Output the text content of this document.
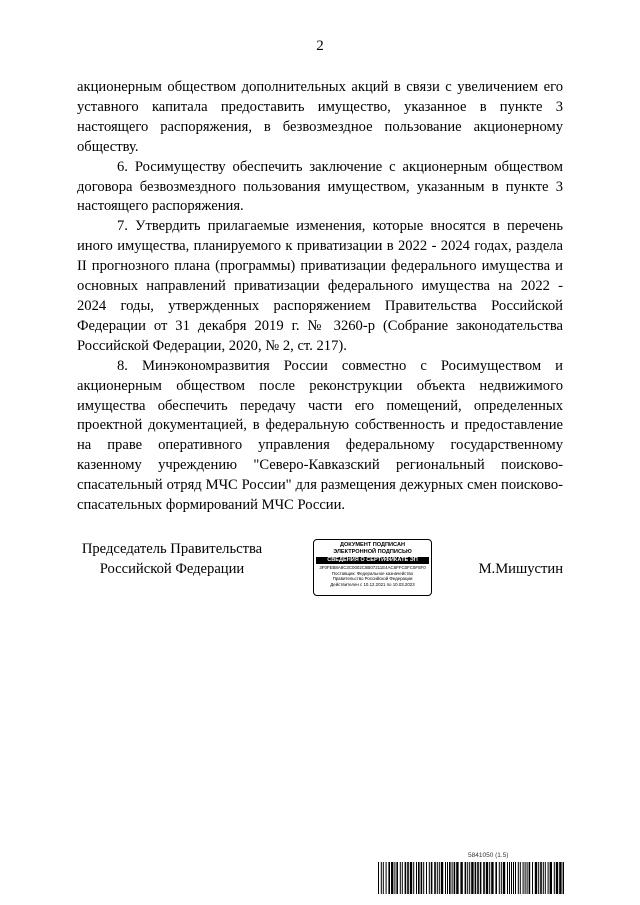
2

акционерным обществом дополнительных акций в связи с увеличением его уставного капитала предоставить имущество, указанное в пункте 3 настоящего распоряжения, в безвозмездное пользование акционерному обществу.

6. Росимуществу обеспечить заключение с акционерным обществом договора безвозмездного пользования имуществом, указанным в пункте 3 настоящего распоряжения.

7. Утвердить прилагаемые изменения, которые вносятся в перечень иного имущества, планируемого к приватизации в 2022 - 2024 годах, раздела II прогнозного плана (программы) приватизации федерального имущества и основных направлений приватизации федерального имущества на 2022 - 2024 годы, утвержденных распоряжением Правительства Российской Федерации от 31 декабря 2019 г. № 3260-р (Собрание законодательства Российской Федерации, 2020, № 2, ст. 217).

8. Минэкономразвития России совместно с Росимуществом и акционерным обществом после реконструкции объекта недвижимого имущества обеспечить передачу части его помещений, определенных проектной документацией, в федеральную собственность и предоставление на праве оперативного управления федеральному государственному казенному учреждению "Северо-Кавказский региональный поисково-спасательный отряд МЧС России" для размещения дежурных смен поисково-спасательных формирований МЧС России.

Председатель Правительства
Российской Федерации
ДОКУМЕНТ ПОДПИСАН
ЭЛЕКТРОННОЙ ПОДПИСЬЮ
СВЕДЕНИЯ О СЕРТИФИКАТЕ ЭП
3F0FEB8A8C3C0002C8B07211E4AC6FFC0FC5F5F0
Поставщик: Федеральное казначейство
Правительство Российской Федерации
Действителен с 10.12.2021 по 10.03.2023
М.Мишустин
5841050 (1.5)
